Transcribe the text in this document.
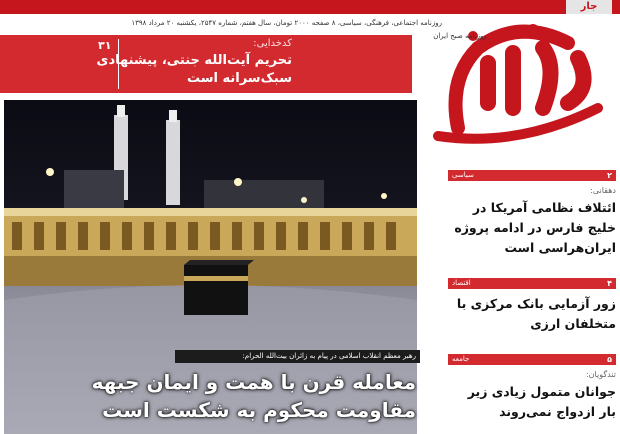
جار
روزنامه اجتماعی، فرهنگی، سیاسی، ۸ صفحه ۲۰۰۰ تومان، سال هفتم، شماره ۲۵۴۷، یکشنبه ۲۰ مرداد ۱۳۹۸
روزنامه صبح ایران
۳۱	کدخدایی:
تحریم آیت‌الله جنتی، پیشنهادی سبک‌سرانه است
رهبر معظم انقلاب اسلامی در پیام به زائران بیت‌الله الحرام:
معامله قرن با همت و ایمان جبهه مقاومت محکوم به شکست است
سیاسی	۲
دهقانی:
ائتلاف نظامی آمریکا در خلیج فارس در ادامه پروژه ایران‌هراسی است
اقتصاد	۴
زور آزمایی بانک مرکزی با متخلفان ارزی
جامعه	۵
تندگویان:
جوانان متمول زیادی زیر بار ازدواج نمی‌روند
